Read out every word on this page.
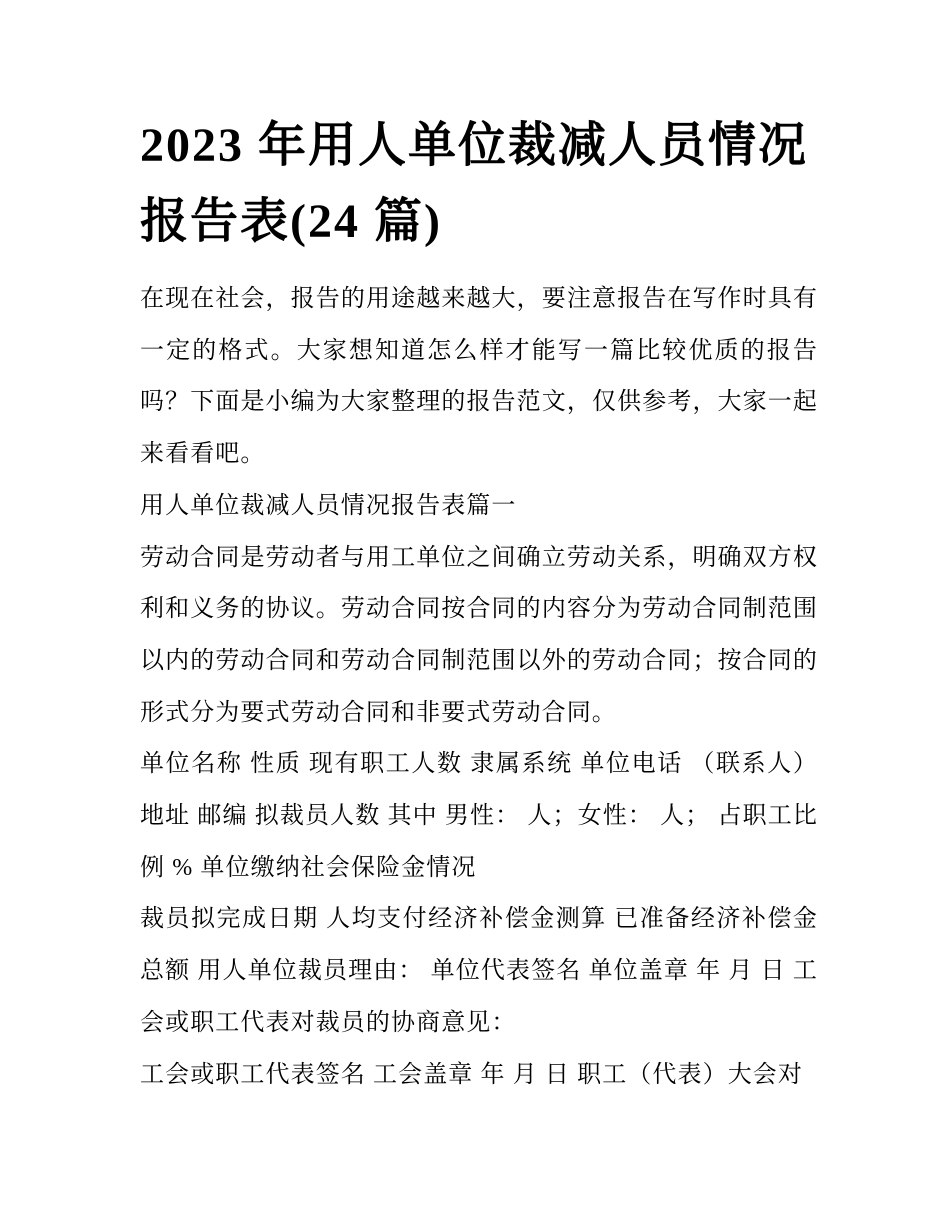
2023 年用人单位裁减人员情况报告表(24 篇)

在现在社会，报告的用途越来越大，要注意报告在写作时具有一定的格式。大家想知道怎么样才能写一篇比较优质的报告吗？下面是小编为大家整理的报告范文，仅供参考，大家一起来看看吧。

用人单位裁减人员情况报告表篇一

劳动合同是劳动者与用工单位之间确立劳动关系，明确双方权利和义务的协议。劳动合同按合同的内容分为劳动合同制范围以内的劳动合同和劳动合同制范围以外的劳动合同；按合同的形式分为要式劳动合同和非要式劳动合同。

单位名称 性质 现有职工人数 隶属系统 单位电话 （联系人）地址 邮编 拟裁员人数 其中 男性： 人；女性： 人； 占职工比例 % 单位缴纳社会保险金情况

裁员拟完成日期 人均支付经济补偿金测算 已准备经济补偿金总额 用人单位裁员理由： 单位代表签名 单位盖章 年 月 日 工会或职工代表对裁员的协商意见：

工会或职工代表签名 工会盖章 年 月 日 职工（代表）大会对
